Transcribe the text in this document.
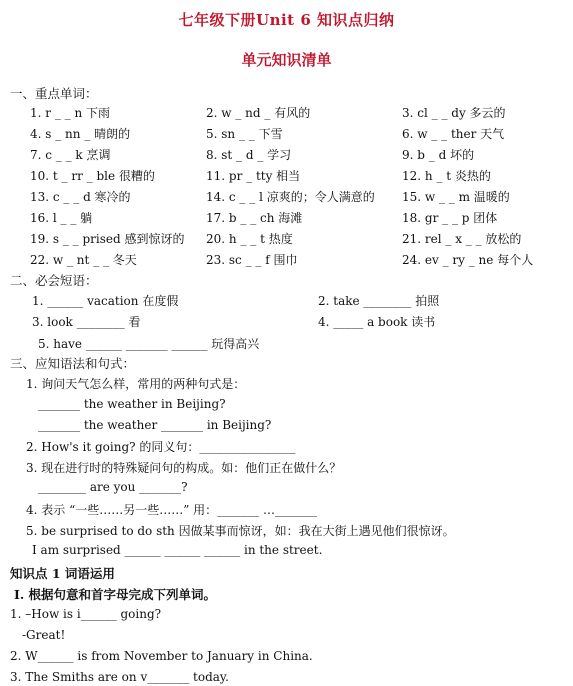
七年级下册Unit 6 知识点归纳
单元知识清单
一、重点单词：
1. r _ _ n 下雨	2. w _ nd _ 有风的	3. cl _ _ dy 多云的
4. s _ nn _ 晴朗的	5. sn _ _ 下雪	6. w _ _ ther 天气
7. c _ _ k 烹调	8. st _ d _ 学习	9. b _ d 坏的
10. t _ rr _ ble 很糟的	11. pr _ tty 相当	12. h _ t 炎热的
13. c _ _ d 寒冷的	14. c _ _ l 凉爽的；令人满意的 15. w _ _ m 温暖的
16. l _ _ 躺	17. b _ _ ch 海滩	18. gr _ _ p 团体
19. s _ _ prised 感到惊讶的 20. h _ _ t 热度	21. rel _ x _ _ 放松的
22. w _ nt _ _ 冬天	23. sc _ _ f 围巾	24. ev _ ry _ ne 每个人
二、必会短语：
1. ______ vacation 在度假	2. take ________ 拍照
3. look ________ 看	4. _____ a book 读书
5. have ______ _______ ______ 玩得高兴
三、应知语法和句式：
1. 询问天气怎么样，常用的两种句式是：
_______ the weather in Beijing?
_______ the weather _______ in Beijing?
2. How's it going? 的同义句：________________
3. 现在进行时的特殊疑问句的构成。如：他们正在做什么？
________ are you _______?
4. 表示 “一些……另一些……” 用：_______ …_______
5. be surprised to do sth 因做某事而惊讶，如：我在大街上遇见他们很惊讶。
I am surprised ______ ______ ______ in the street.
知识点 1 词语运用
Ⅰ. 根据句意和首字母完成下列单词。
1. –How is i______ going?
-Great!
2. W______ is from November to January in China.
3. The Smiths are on v_______ today.
